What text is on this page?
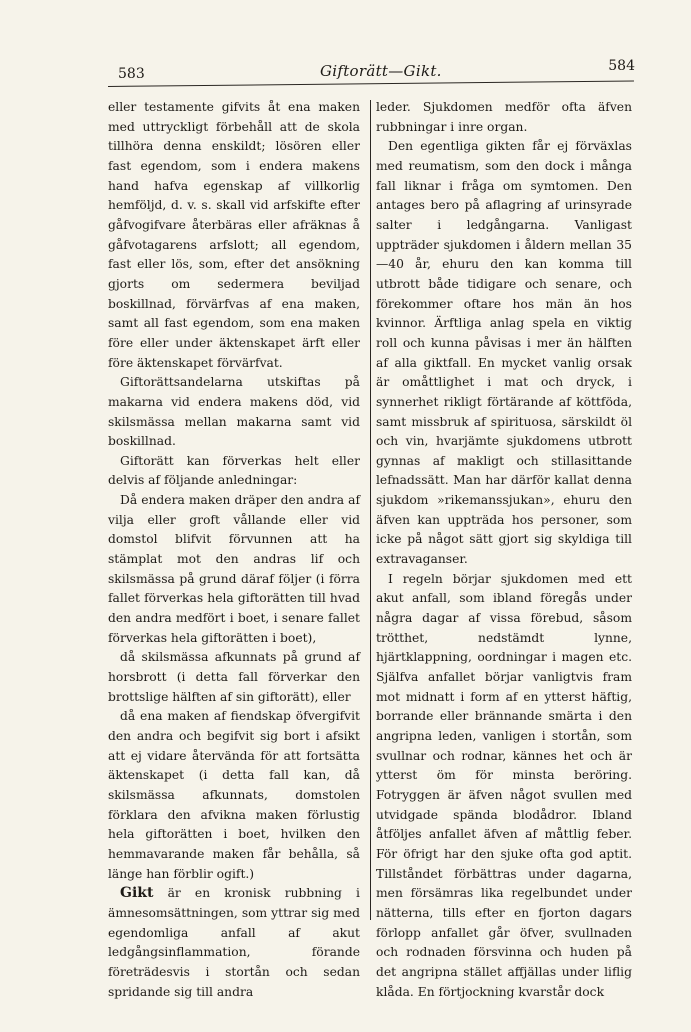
583	Giftorätt—Gikt.	584

eller testamente gifvits åt ena maken med uttryckligt förbehåll att de skola tillhöra denna enskildt; lösören eller fast egendom, som i endera makens hand hafva egenskap af villkorlig hemföljd, d. v. s. skall vid arfskifte efter gåfvogifvare återbäras eller afräknas å gåfvotagarens arfslott; all egendom, fast eller lös, som, efter det ansökning gjorts om sedermera beviljad boskillnad, förvärfvas af ena maken, samt all fast egendom, som ena maken före eller under äktenskapet ärft eller före äktenskapet förvärfvat.

Giftorättsandelarna utskiftas på makarna vid endera makens död, vid skilsmässa mellan makarna samt vid boskillnad.

Giftorätt kan förverkas helt eller delvis af följande anledningar:

Då endera maken dräper den andra af vilja eller groft vållande eller vid domstol blifvit förvunnen att ha stämplat mot den andras lif och skilsmässa på grund däraf följer (i förra fallet förverkas hela giftorätten till hvad den andra medfört i boet, i senare fallet förverkas hela giftorätten i boet),

då skilsmässa afkunnats på grund af horsbrott (i detta fall förverkar den brottslige hälften af sin giftorätt), eller

då ena maken af fiendskap öfvergifvit den andra och begifvit sig bort i afsikt att ej vidare återvända för att fortsätta äktenskapet (i detta fall kan, då skilsmässa afkunnats, domstolen förklara den afvikna maken förlustig hela giftorätten i boet, hvilken den hemmavarande maken får behålla, så länge han förblir ogift.)

Gikt är en kronisk rubbning i ämnesomsättningen, som yttrar sig med egendomliga anfall af akut ledgångsinflammation, förande företrädesvis i stortån och sedan spridande sig till andra

leder. Sjukdomen medför ofta äfven rubbningar i inre organ.

Den egentliga gikten får ej förväxlas med reumatism, som den dock i många fall liknar i fråga om symtomen. Den antages bero på aflagring af urinsyrade salter i ledgångarna. Vanligast uppträder sjukdomen i åldern mellan 35—40 år, ehuru den kan komma till utbrott både tidigare och senare, och förekommer oftare hos män än hos kvinnor. Ärftliga anlag spela en viktig roll och kunna påvisas i mer än hälften af alla giktfall. En mycket vanlig orsak är omåttlighet i mat och dryck, i synnerhet rikligt förtärande af köttföda, samt missbruk af spirituosa, särskildt öl och vin, hvarjämte sjukdomens utbrott gynnas af makligt och stillasittande lefnadssätt. Man har därför kallat denna sjukdom »rikemanssjukan», ehuru den äfven kan uppträda hos personer, som icke på något sätt gjort sig skyldiga till extravaganser.

I regeln börjar sjukdomen med ett akut anfall, som ibland föregås under några dagar af vissa förebud, såsom trötthet, nedstämdt lynne, hjärtklappning, oordningar i magen etc. Själfva anfallet börjar vanligtvis fram mot midnatt i form af en ytterst häftig, borrande eller brännande smärta i den angripna leden, vanligen i stortån, som svullnar och rodnar, kännes het och är ytterst öm för minsta beröring. Fotryggen är äfven något svullen med utvidgade spända blodådror. Ibland åtföljes anfallet äfven af måttlig feber. För öfrigt har den sjuke ofta god aptit. Tillståndet förbättras under dagarna, men försämras lika regelbundet under nätterna, tills efter en fjorton dagars förlopp anfallet går öfver, svullnaden och rodnaden försvinna och huden på det angripna stället affjällas under liflig klåda. En förtjockning kvarstår dock
